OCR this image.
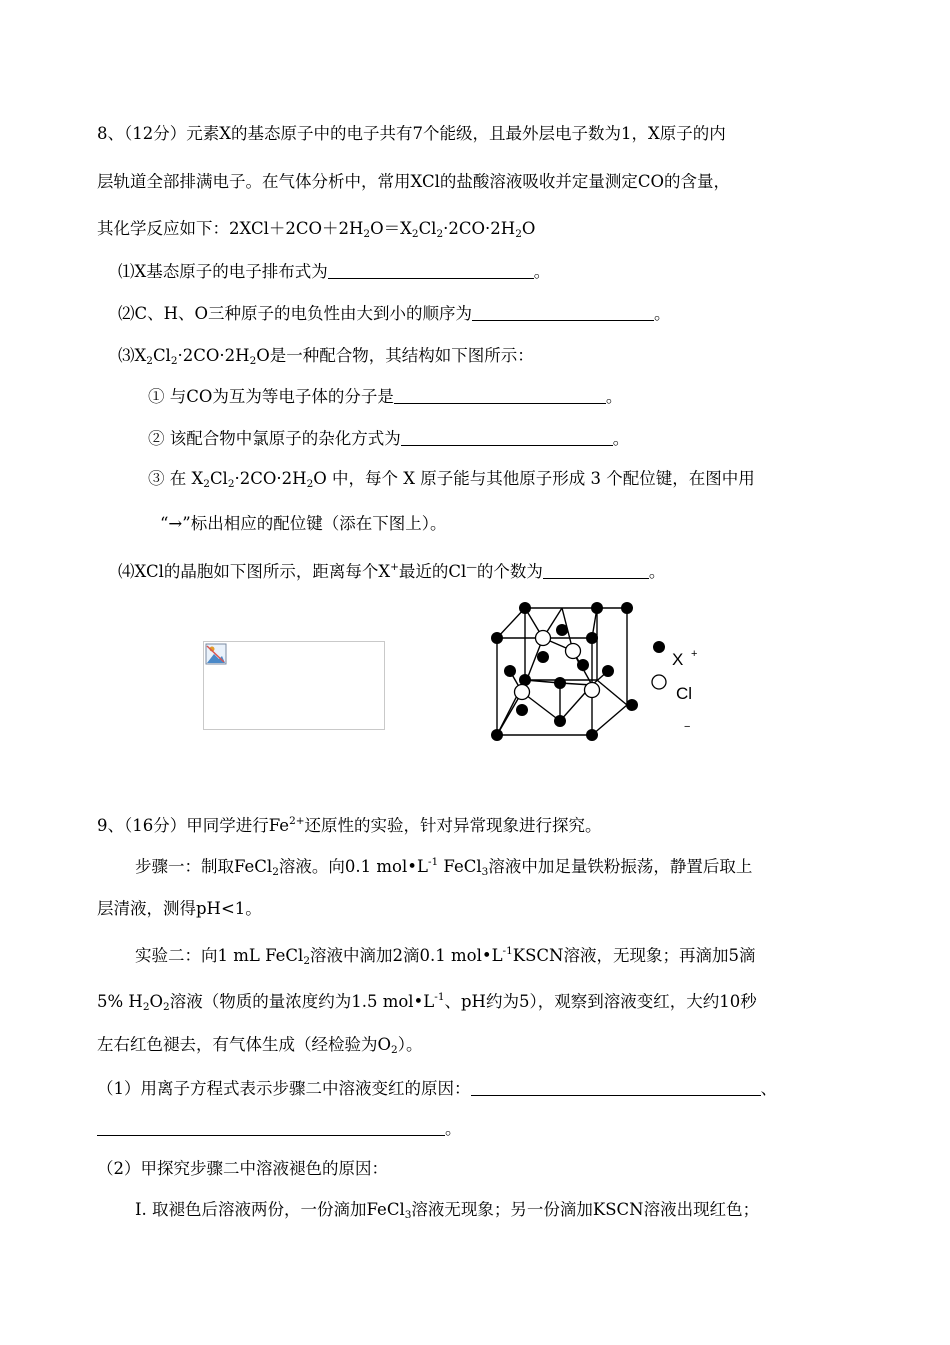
8、（12分）元素X的基态原子中的电子共有7个能级，且最外层电子数为1，X原子的内
层轨道全部排满电子。在气体分析中，常用XCl的盐酸溶液吸收并定量测定CO的含量，
其化学反应如下：$2XCl+2CO+2H_2O=X_2Cl_2\cdot 2CO\cdot 2H_2O$
⑴X基态原子的电子排布式为	。
⑵C、H、O三种原子的电负性由大到小的顺序为	。
$⑶X_2Cl_2\cdot 2CO\cdot 2H_2O$是一种配合物，其结构如下图所示：
① 与CO为互为等电子体的分子是	。
② 该配合物中氯原子的杂化方式为	。
③ 在 $X_2Cl_2\cdot 2CO\cdot 2H_2O$ 中，每个 X 原子能与其他原子形成 3 个配位键，在图中用
“→”标出相应的配位键（添在下图上）。
⑷XCl的晶胞如下图所示，距离每个X+最近的Cl—的个数为	。
X +
Cl
−
9、（16分）甲同学进行$Fe^{2+}$还原性的实验，针对异常现象进行探究。
步骤一：制取FeCl$_2$溶液。向0.1 $mol•L^{-1}$ FeCl$_3$溶液中加足量铁粉振荡，静置后取上
层清液，测得pH<1。
实验二：向1 mL FeCl$_2$溶液中滴加2滴0.1 $mol•L^{-1}KSCN$溶液，无现象；再滴加5滴
5% $H_2O_2$溶液（物质的量浓度约为1.5 $mol•L^{-1}$、pH约为5），观察到溶液变红，大约10秒
左右红色褪去，有气体生成（经检验为$O_2$）。
（1）用离子方程式表示步骤二中溶液变红的原因：	、
。
（2）甲探究步骤二中溶液褪色的原因：
I. 取褪色后溶液两份，一份滴加FeCl$_3$溶液无现象；另一份滴加KSCN溶液出现红色；
